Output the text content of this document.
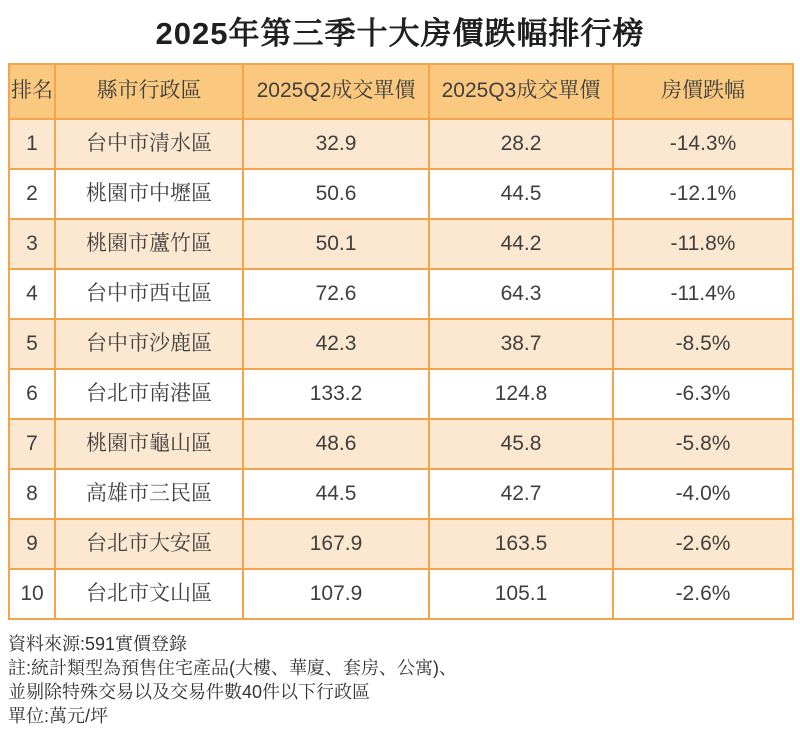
2025年第三季十大房價跌幅排行榜
排名	縣市行政區	2025Q2成交單價	2025Q3成交單價	房價跌幅
1	台中市清水區	32.9	28.2	-14.3%
2	桃園市中壢區	50.6	44.5	-12.1%
3	桃園市蘆竹區	50.1	44.2	-11.8%
4	台中市西屯區	72.6	64.3	-11.4%
5	台中市沙鹿區	42.3	38.7	-8.5%
6	台北市南港區	133.2	124.8	-6.3%
7	桃園市龜山區	48.6	45.8	-5.8%
8	高雄市三民區	44.5	42.7	-4.0%
9	台北市大安區	167.9	163.5	-2.6%
10	台北市文山區	107.9	105.1	-2.6%
資料來源:591實價登錄
註:統計類型為預售住宅產品(大樓、華廈、套房、公寓)、
並剔除特殊交易以及交易件數40件以下行政區
單位:萬元/坪
